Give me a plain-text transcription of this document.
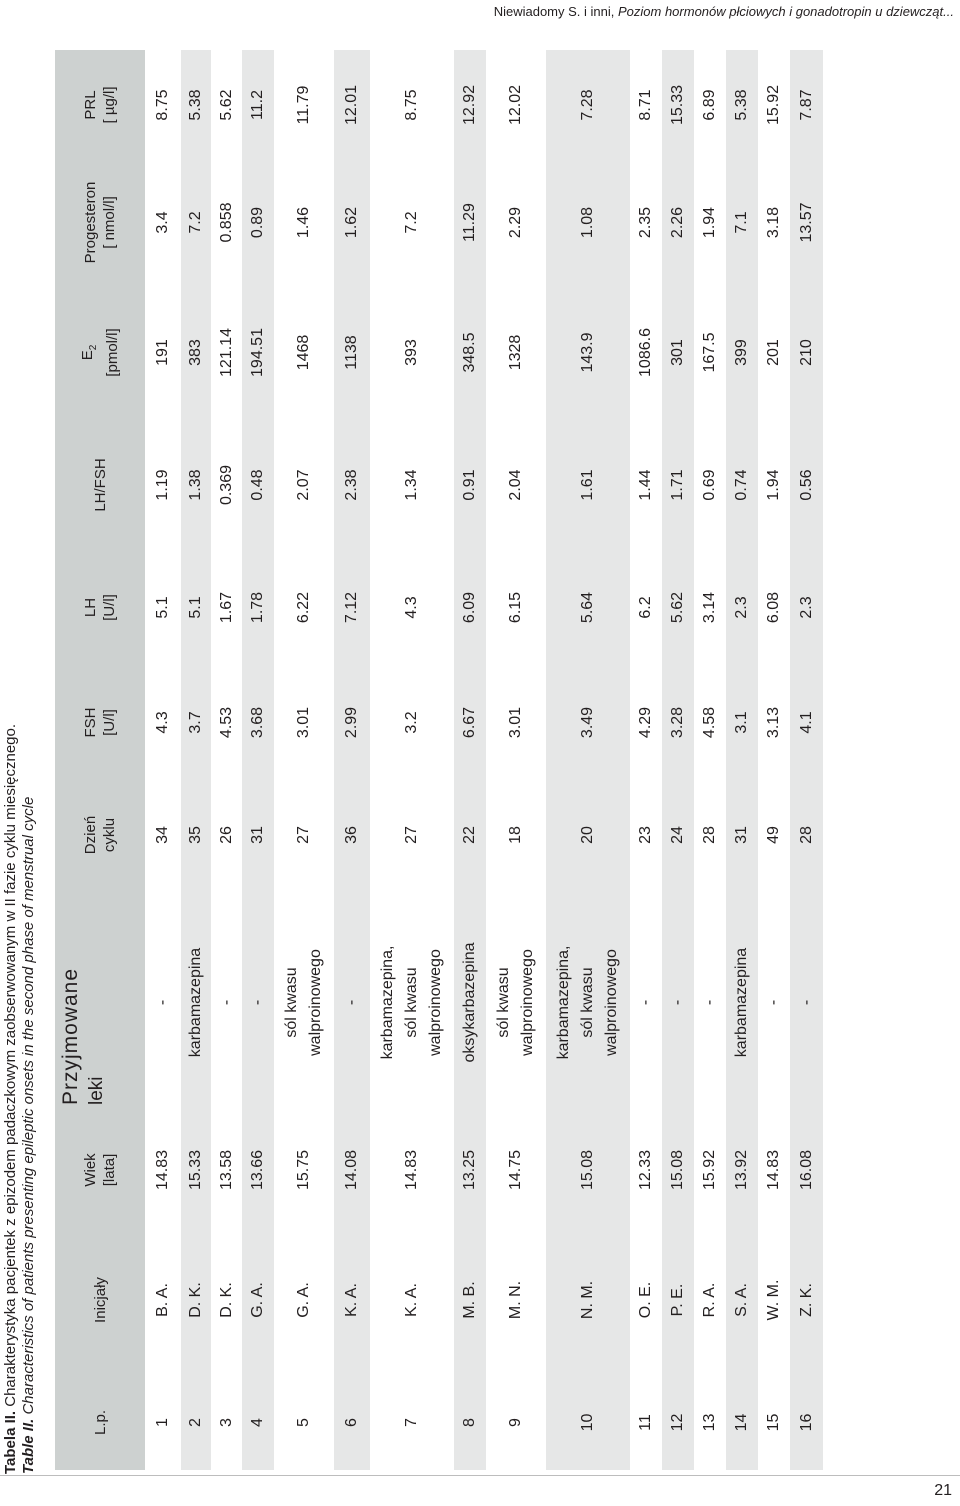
Niewiadomy S. i inni, Poziom hormonów płciowych i gonadotropin u dziewcząt...
Tabela II. Charakterystyka pacjentek z epizodem padaczkowym zaobserwowanym w II fazie cyklu miesięcznego.
Table II. Characteristics of patients presenting epileptic onsets in the second phase of menstrual cycle
L.p.	Inicjały	Wiek [lata]	Przyjmowane leki	Dzień cyklu	FSH [U/l]	LH [U/l]	LH/FSH	$E_2$ [pmol/l]	Progesteron [ nmol/l]	PRL [ µg/l]
1	B. A.	14.83	-	34	4.3	5.1	1.19	191	3.4	8.75
2	D. K.	15.33	karbamazepina	35	3.7	5.1	1.38	383	7.2	5.38
3	D. K.	13.58	-	26	4.53	1.67	0.369	121.14	0.858	5.62
4	G. A.	13.66	-	31	3.68	1.78	0.48	194.51	0.89	11.2
5	G. A.	15.75	sól kwasu walproinowego	27	3.01	6.22	2.07	1468	1.46	11.79
6	K. A.	14.08	-	36	2.99	7.12	2.38	1138	1.62	12.01
7	K. A.	14.83	karbamazepina, sól kwasu walproinowego	27	3.2	4.3	1.34	393	7.2	8.75
8	M. B.	13.25	oksykarbazepina	22	6.67	6.09	0.91	348.5	11.29	12.92
9	M. N.	14.75	sól kwasu walproinowego	18	3.01	6.15	2.04	1328	2.29	12.02
10	N. M.	15.08	karbamazepina, sól kwasu walproinowego	20	3.49	5.64	1.61	143.9	1.08	7.28
11	O. E.	12.33	-	23	4.29	6.2	1.44	1086.6	2.35	8.71
12	P. E.	15.08	-	24	3.28	5.62	1.71	301	2.26	15.33
13	R. A.	15.92	-	28	4.58	3.14	0.69	167.5	1.94	6.89
14	S. A.	13.92	karbamazepina	31	3.1	2.3	0.74	399	7.1	5.38
15	W. M.	14.83	-	49	3.13	6.08	1.94	201	3.18	15.92
16	Z. K.	16.08	-	28	4.1	2.3	0.56	210	13.57	7.87
21
